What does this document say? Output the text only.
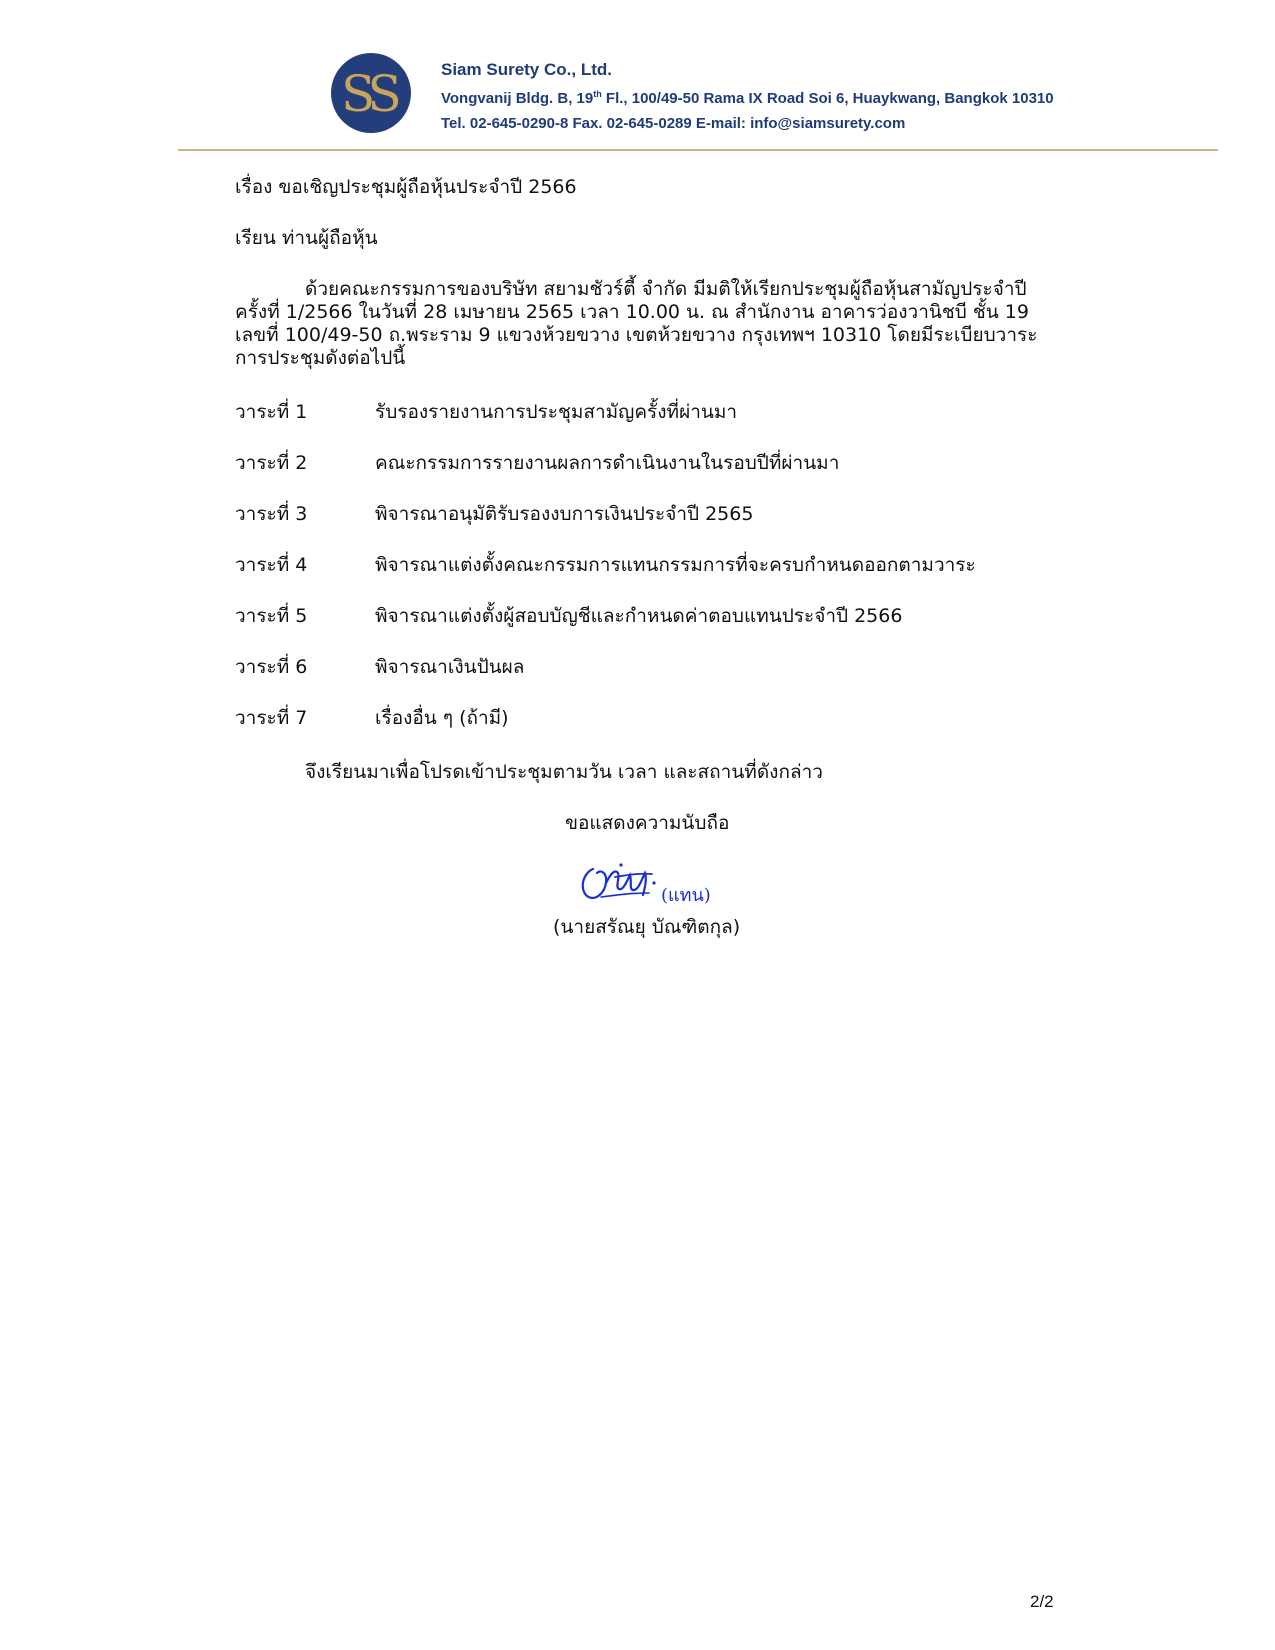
SS	Siam Surety Co., Ltd.
Vongvanij Bldg. B, 19th Fl., 100/49-50 Rama IX Road Soi 6, Huaykwang, Bangkok 10310
Tel. 02-645-0290-8 Fax. 02-645-0289 E-mail: info@siamsurety.com
เรื่อง ขอเชิญประชุมผู้ถือหุ้นประจำปี 2566
เรียน ท่านผู้ถือหุ้น
ด้วยคณะกรรมการของบริษัท สยามชัวร์ตี้ จำกัด มีมติให้เรียกประชุมผู้ถือหุ้นสามัญประจำปีครั้งที่ 1/2566 ในวันที่ 28 เมษายน 2565 เวลา 10.00 น. ณ สำนักงาน อาคารว่องวานิชบี ชั้น 19 เลขที่ 100/49-50 ถ.พระราม 9 แขวงห้วยขวาง เขตห้วยขวาง กรุงเทพฯ 10310 โดยมีระเบียบวาระการประชุมดังต่อไปนี้
วาระที่ 1	รับรองรายงานการประชุมสามัญครั้งที่ผ่านมา
วาระที่ 2	คณะกรรมการรายงานผลการดำเนินงานในรอบปีที่ผ่านมา
วาระที่ 3	พิจารณาอนุมัติรับรองงบการเงินประจำปี 2565
วาระที่ 4	พิจารณาแต่งตั้งคณะกรรมการแทนกรรมการที่จะครบกำหนดออกตามวาระ
วาระที่ 5	พิจารณาแต่งตั้งผู้สอบบัญชีและกำหนดค่าตอบแทนประจำปี 2566
วาระที่ 6	พิจารณาเงินปันผล
วาระที่ 7	เรื่องอื่น ๆ (ถ้ามี)
จึงเรียนมาเพื่อโปรดเข้าประชุมตามวัน เวลา และสถานที่ดังกล่าว
ขอแสดงความนับถือ
(นายสรัณยุ บัณฑิตกุล)
(แทน)
2/2
